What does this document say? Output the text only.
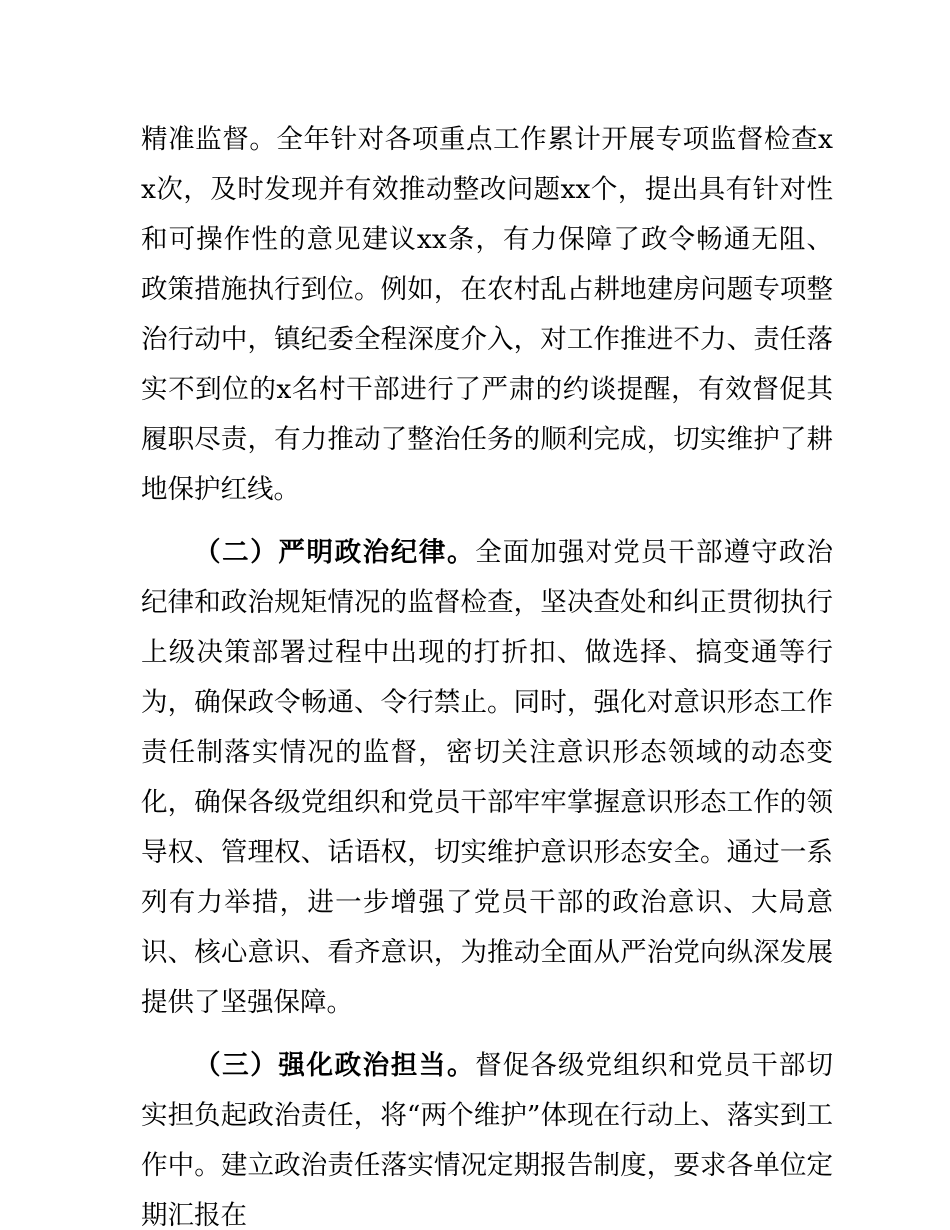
精准监督。全年针对各项重点工作累计开展专项监督检查xx次，及时发现并有效推动整改问题xx个，提出具有针对性和可操作性的意见建议xx条，有力保障了政令畅通无阻、政策措施执行到位。例如，在农村乱占耕地建房问题专项整治行动中，镇纪委全程深度介入，对工作推进不力、责任落实不到位的x名村干部进行了严肃的约谈提醒，有效督促其履职尽责，有力推动了整治任务的顺利完成，切实维护了耕地保护红线。

（二）严明政治纪律。全面加强对党员干部遵守政治纪律和政治规矩情况的监督检查，坚决查处和纠正贯彻执行上级决策部署过程中出现的打折扣、做选择、搞变通等行为，确保政令畅通、令行禁止。同时，强化对意识形态工作责任制落实情况的监督，密切关注意识形态领域的动态变化，确保各级党组织和党员干部牢牢掌握意识形态工作的领导权、管理权、话语权，切实维护意识形态安全。通过一系列有力举措，进一步增强了党员干部的政治意识、大局意识、核心意识、看齐意识，为推动全面从严治党向纵深发展提供了坚强保障。

（三）强化政治担当。督促各级党组织和党员干部切实担负起政治责任，将“两个维护”体现在行动上、落实到工作中。建立政治责任落实情况定期报告制度，要求各单位定期汇报在
